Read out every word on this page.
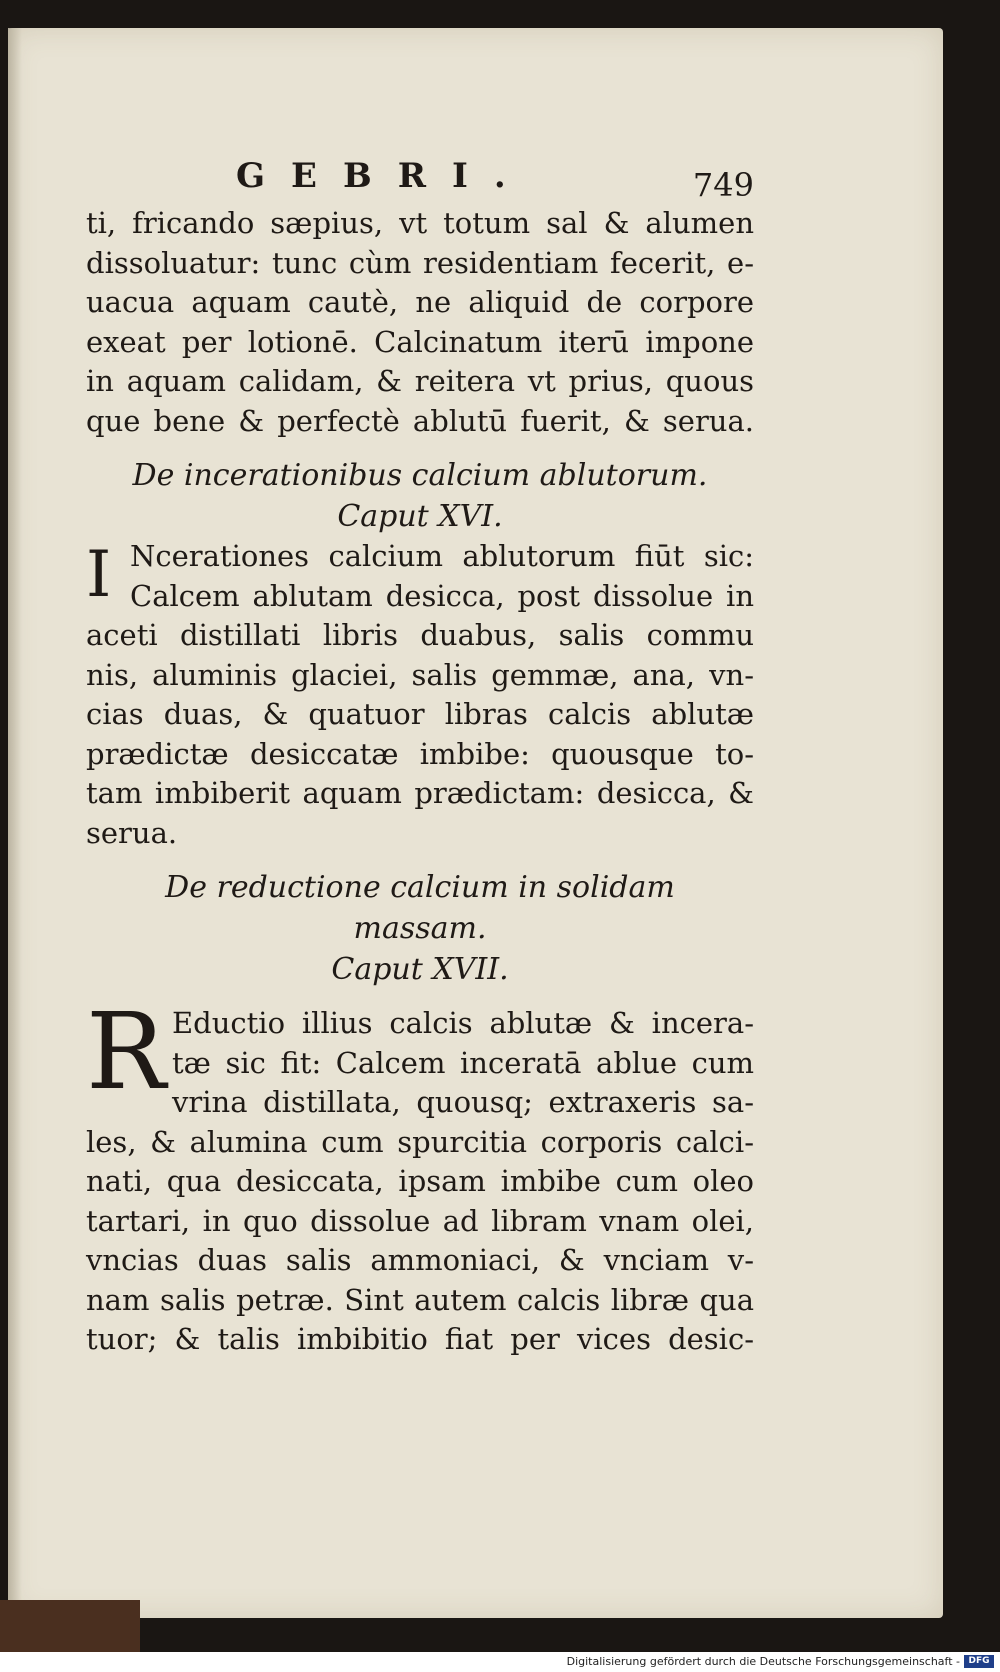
GEBRI.	749
ti, fricando sæpius, vt totum sal & alumen
dissoluatur: tunc cùm residentiam fecerit, e-
uacua aquam cautè, ne aliquid de corpore
exeat per lotionē. Calcinatum iterū impone
in aquam calidam, & reitera vt prius, quous
que bene & perfectè ablutū fuerit, & serua.
De incerationibus calcium ablutorum.
Caput XVI.
I Ncerationes calcium ablutorum fiūt sic:
Calcem ablutam desicca, post dissolue in
aceti distillati libris duabus, salis commu
nis, aluminis glaciei, salis gemmæ, ana, vn-
cias duas, & quatuor libras calcis ablutæ
prædictæ desiccatæ imbibe: quousque to-
tam imbiberit aquam prædictam: desicca, &
serua.
De reductione calcium in solidam
massam.
Caput XVII.
R Eductio illius calcis ablutæ & incera-
tæ sic fit: Calcem inceratā ablue cum
vrina distillata, quousq; extraxeris sa-
les, & alumina cum spurcitia corporis calci-
nati, qua desiccata, ipsam imbibe cum oleo
tartari, in quo dissolue ad libram vnam olei,
vncias duas salis ammoniaci, & vnciam v-
nam salis petræ. Sint autem calcis libræ qua
tuor; & talis imbibitio fiat per vices desic-
Digitalisierung gefördert durch die Deutsche Forschungsgemeinschaft - DFG
